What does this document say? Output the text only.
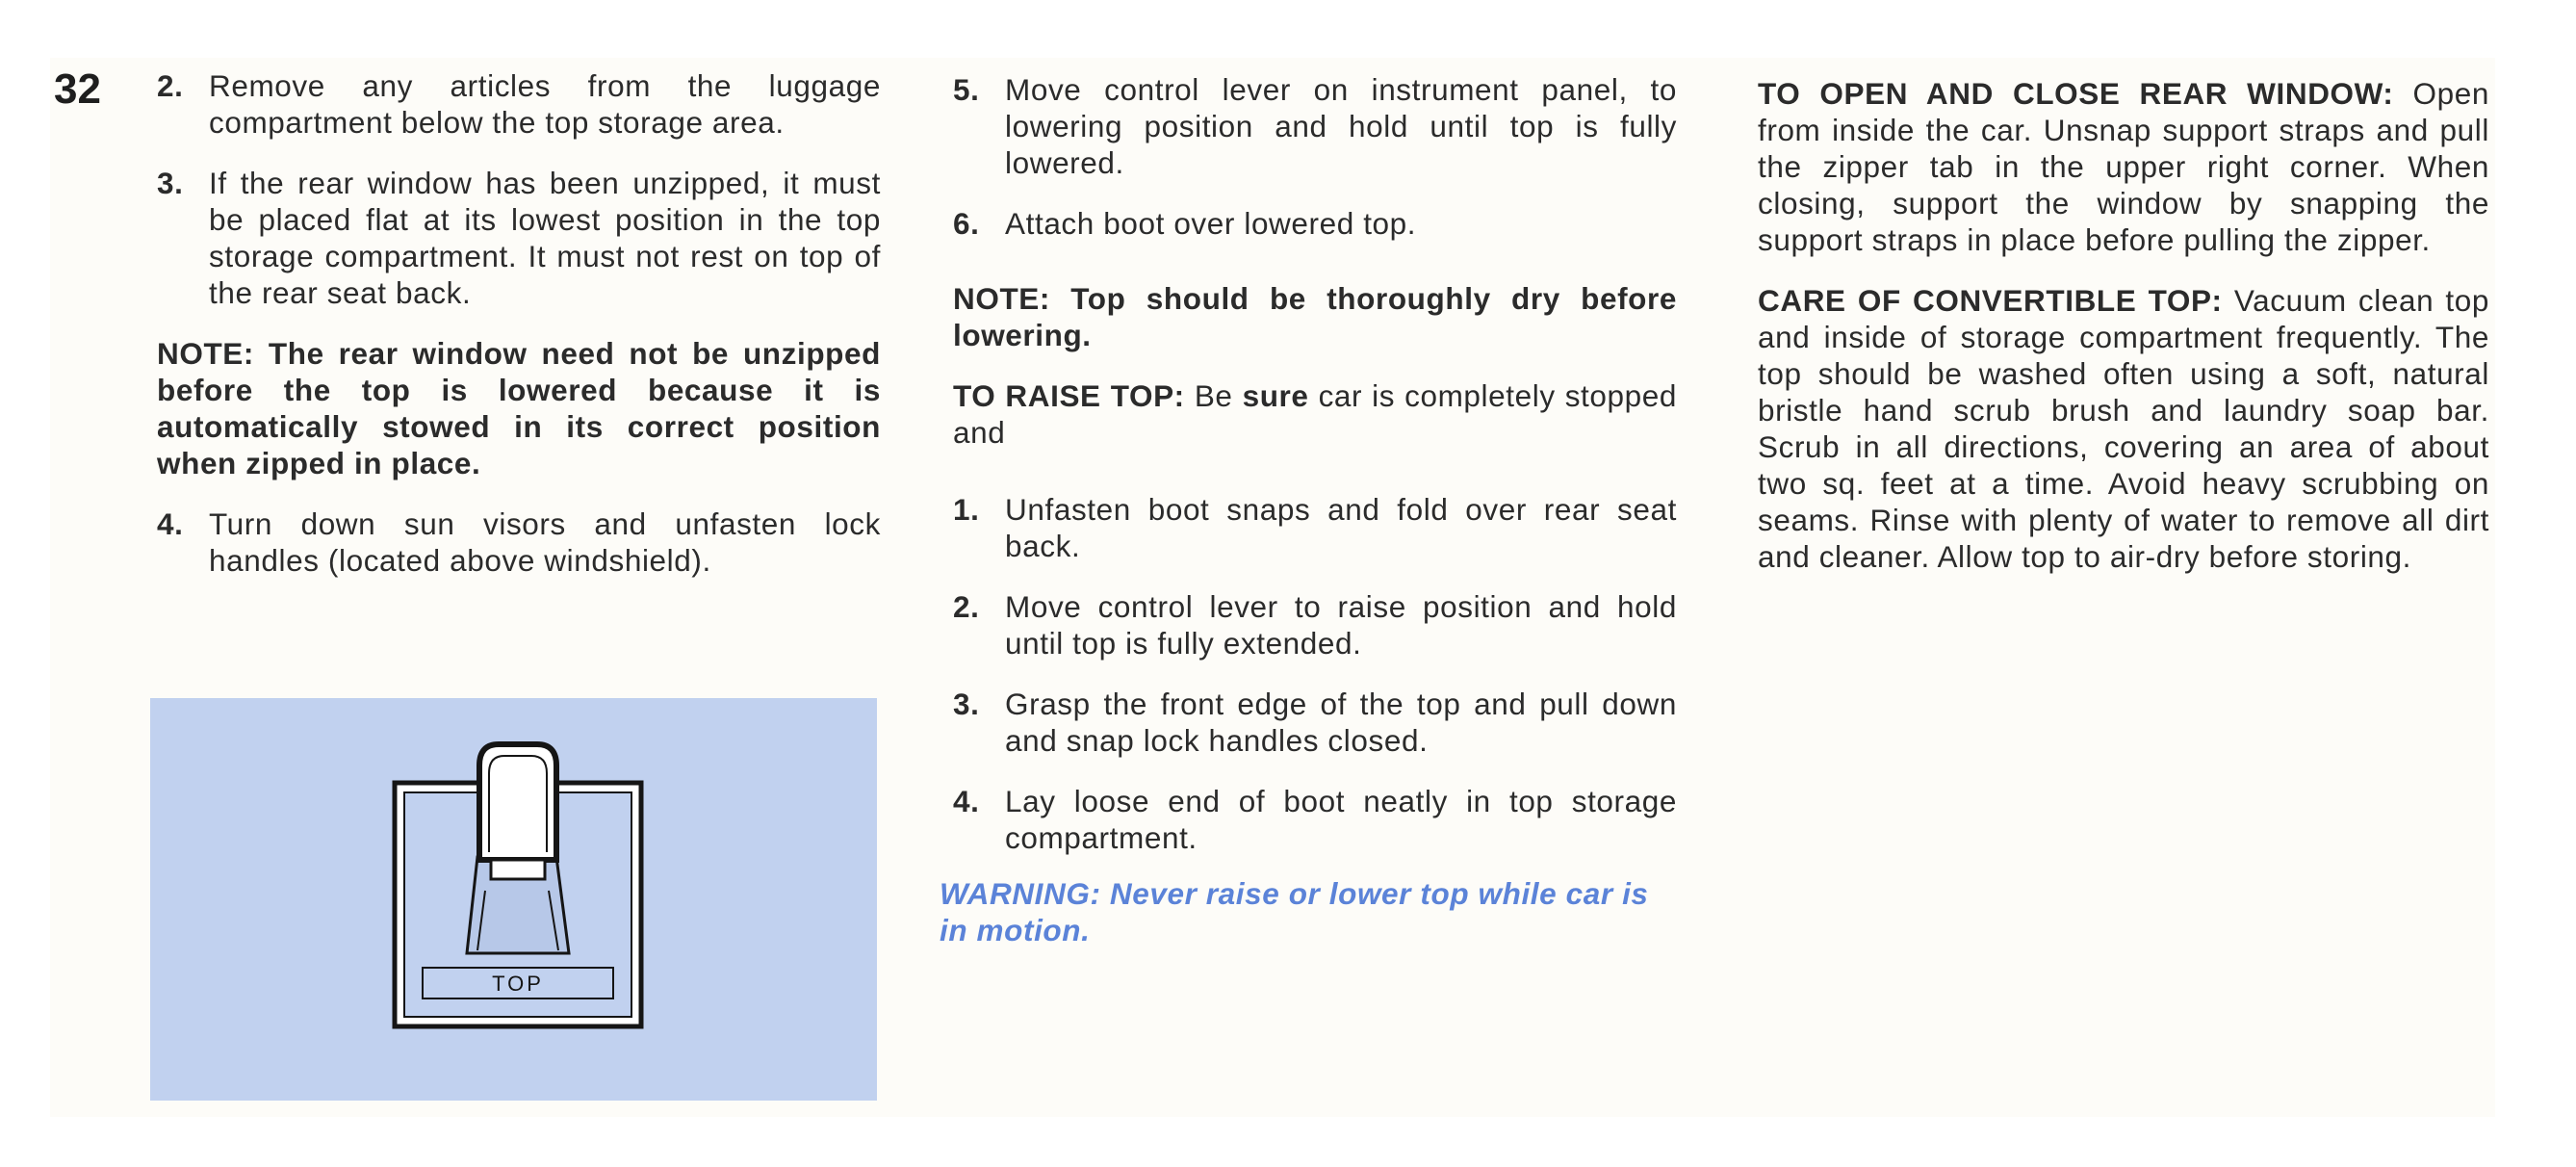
32 2. Remove any articles from the luggage compartment below the top storage area.
3. If the rear window has been unzipped, it must be placed flat at its lowest position in the top storage compartment. It must not rest on top of the rear seat back.

NOTE: The rear window need not be unzipped before the top is lowered because it is automatically stowed in its correct position when zipped in place.

4. Turn down sun visors and unfasten lock handles (located above windshield).
TOP
5. Move control lever on instrument panel, to lowering position and hold until top is fully lowered.
6. Attach boot over lowered top.

NOTE: Top should be thoroughly dry before lowering.

TO RAISE TOP: Be sure car is completely stopped and

1. Unfasten boot snaps and fold over rear seat back.
2. Move control lever to raise position and hold until top is fully extended.
3. Grasp the front edge of the top and pull down and snap lock handles closed.
4. Lay loose end of boot neatly in top storage compartment.

WARNING: Never raise or lower top while car is in motion.

TO OPEN AND CLOSE REAR WINDOW: Open from inside the car. Unsnap support straps and pull the zipper tab in the upper right corner. When closing, support the window by snapping the support straps in place before pulling the zipper.

CARE OF CONVERTIBLE TOP: Vacuum clean top and inside of storage compartment frequently. The top should be washed often using a soft, natural bristle hand scrub brush and laundry soap bar. Scrub in all directions, covering an area of about two sq. feet at a time. Avoid heavy scrubbing on seams. Rinse with plenty of water to remove all dirt and cleaner. Allow top to air-dry before storing.
